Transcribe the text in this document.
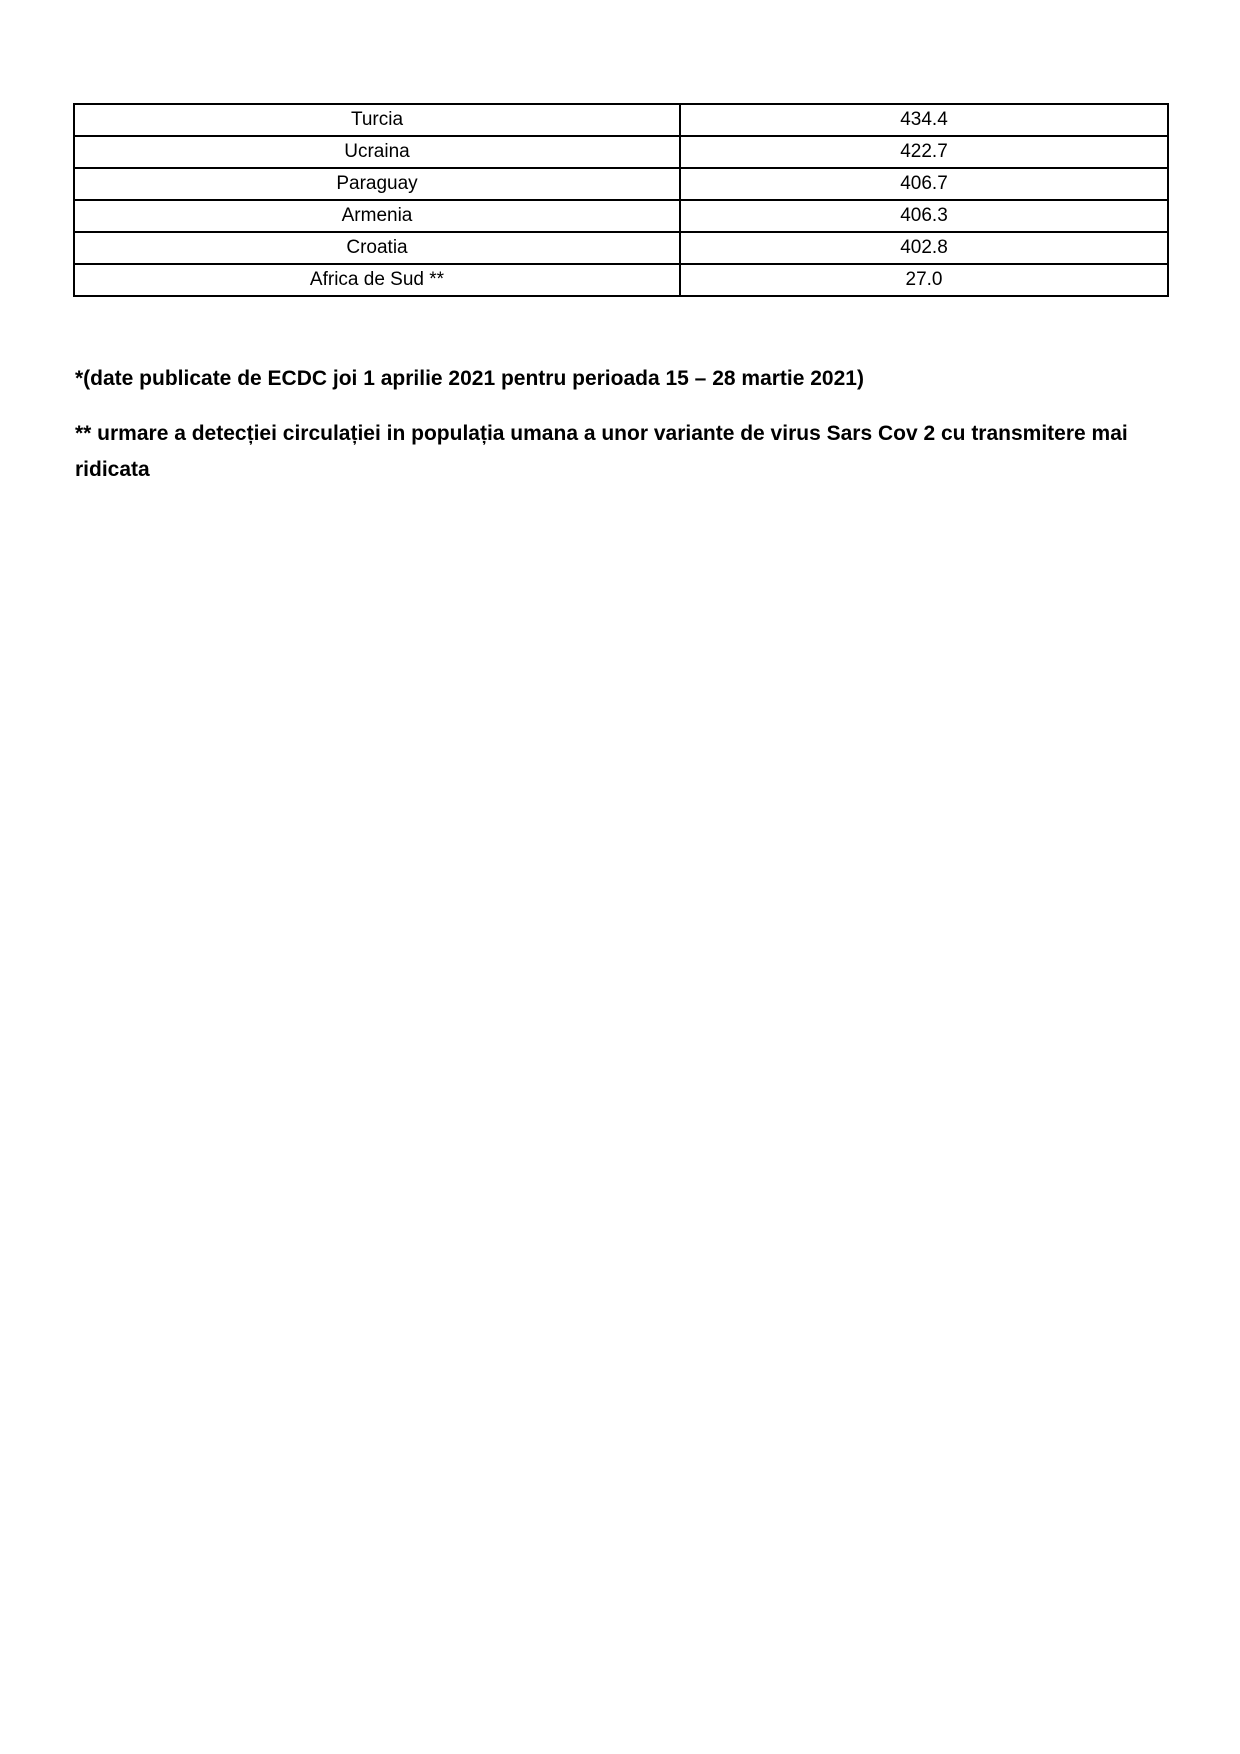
Turcia	434.4
Ucraina	422.7
Paraguay	406.7
Armenia	406.3
Croatia	402.8
Africa de Sud **	27.0
*(date publicate de ECDC joi 1 aprilie 2021 pentru perioada 15 – 28 martie 2021)
** urmare a detecției circulației in populația umana a unor variante de virus Sars Cov 2 cu transmitere mai ridicata
